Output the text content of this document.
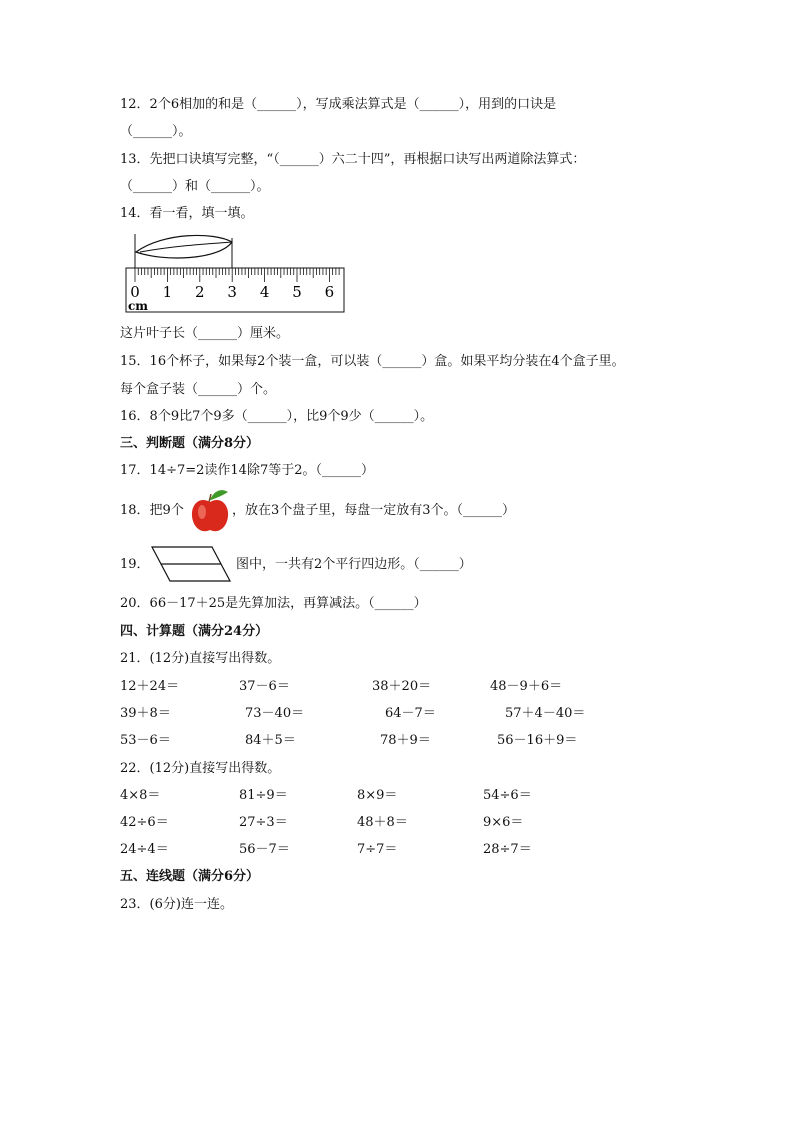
12．2个6相加的和是（______），写成乘法算式是（______），用到的口诀是
（______）。
13．先把口诀填写完整，“（______）六二十四”，再根据口诀写出两道除法算式：
（______）和（______）。
14．看一看，填一填。
0 1 2 3 4 5 6
cm
这片叶子长（______）厘米。
15．16个杯子，如果每2个装一盒，可以装（______）盒。如果平均分装在4个盒子里。
每个盒子装（______）个。
16．8个9比7个9多（______），比9个9少（______）。
三、判断题（满分8分）
17．14÷7=2读作14除7等于2。（______）
18．把9个	，放在3个盘子里，每盘一定放有3个。（______）
19．	图中，一共有2个平行四边形。（______）
20．66－17＋25是先算加法，再算减法。（______）
四、计算题（满分24分）
21．(12分)直接写出得数。
12＋24＝	37－6＝	38＋20＝	48－9＋6＝
39＋8＝	73－40＝	64－7＝	57＋4－40＝
53－6＝	84＋5＝	78＋9＝	56－16＋9＝
22．(12分)直接写出得数。
4×8＝	81÷9＝	8×9＝	54÷6＝
42÷6＝	27÷3＝	48＋8＝	9×6＝
24÷4＝	56－7＝	7÷7＝	28÷7＝
五、连线题（满分6分）
23．(6分)连一连。
